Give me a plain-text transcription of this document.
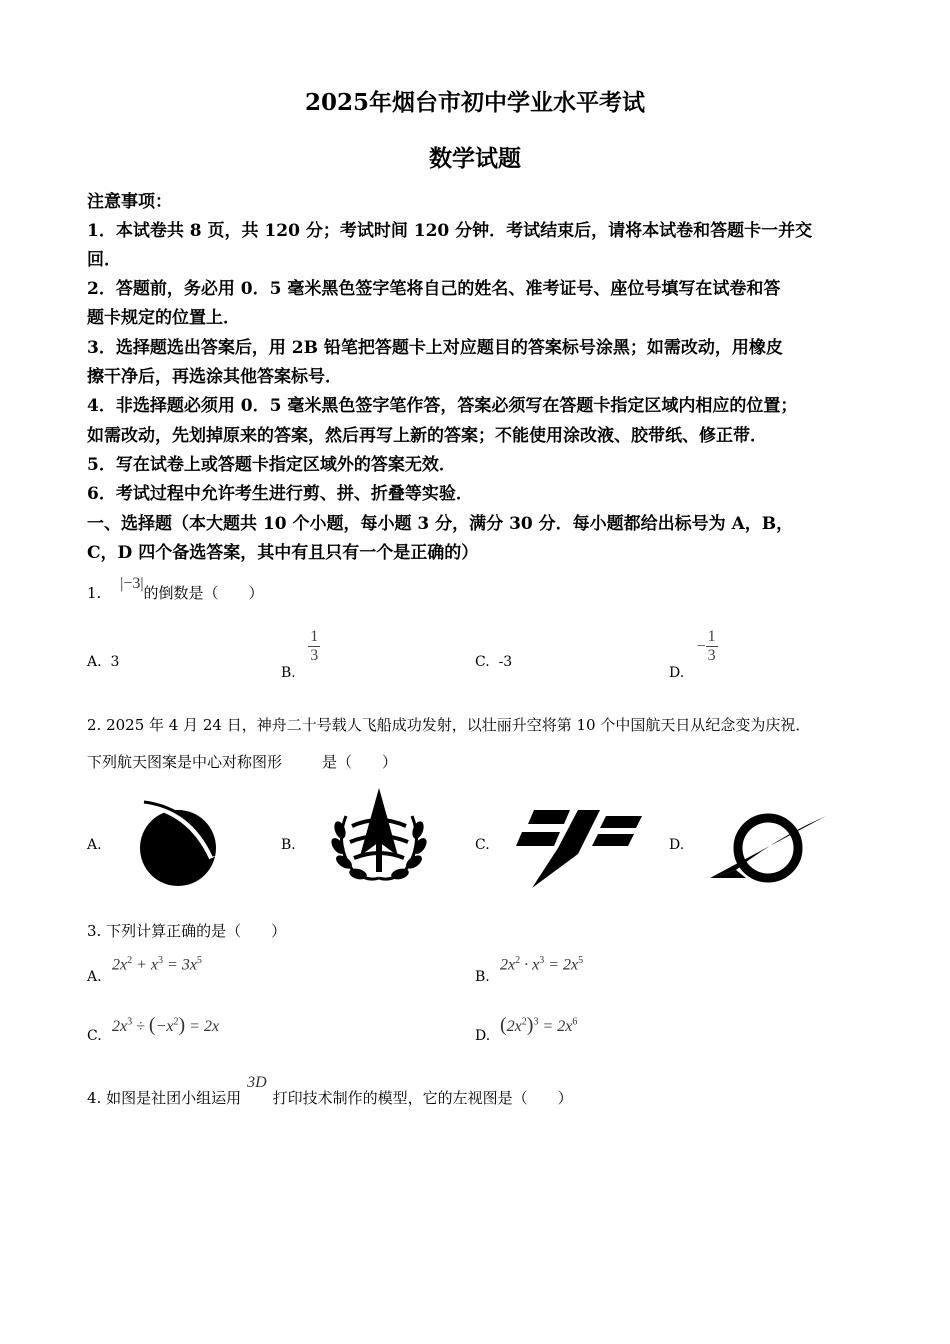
2025年烟台市初中学业水平考试
数学试题
注意事项：
1．本试卷共 8 页，共 120 分；考试时间 120 分钟．考试结束后，请将本试卷和答题卡一并交
回．
2．答题前，务必用 0．5 毫米黑色签字笔将自己的姓名、准考证号、座位号填写在试卷和答
题卡规定的位置上．
3．选择题选出答案后，用 2B 铅笔把答题卡上对应题目的答案标号涂黑；如需改动，用橡皮
擦干净后，再选涂其他答案标号．
4．非选择题必须用 0．5 毫米黑色签字笔作答，答案必须写在答题卡指定区域内相应的位置；
如需改动，先划掉原来的答案，然后再写上新的答案；不能使用涂改液、胶带纸、修正带．
5．写在试卷上或答题卡指定区域外的答案无效．
6．考试过程中允许考生进行剪、拼、折叠等实验．
一、选择题（本大题共 10 个小题，每小题 3 分，满分 30 分．每小题都给出标号为 A，B，
C，D 四个备选答案，其中有且只有一个是正确的）
1. |−3|的倒数是（　　）
A. 3
B.
$\frac{1}{3}$	C. -3
D. − $\frac{1}{3}$
2. 2025 年 4 月 24 日，神舟二十号载人飞船成功发射，以壮丽升空将第 10 个中国航天日从纪念变为庆祝．
下列航天图案是中心对称图形	是（　　）
A.	B.	C.	D.
3. 下列计算正确的是（　　）
A.
$2x^2 + x^3 = 3x^5$
B.
$2x^2 \cdot x^3 = 2x^5$
C.
$2x^3 \div (-x^2) = 2x$
D. $(2x^2)^3 = 2x^6$
4. 如图是社团小组运用3D打印技术制作的模型，它的左视图是（　　）
